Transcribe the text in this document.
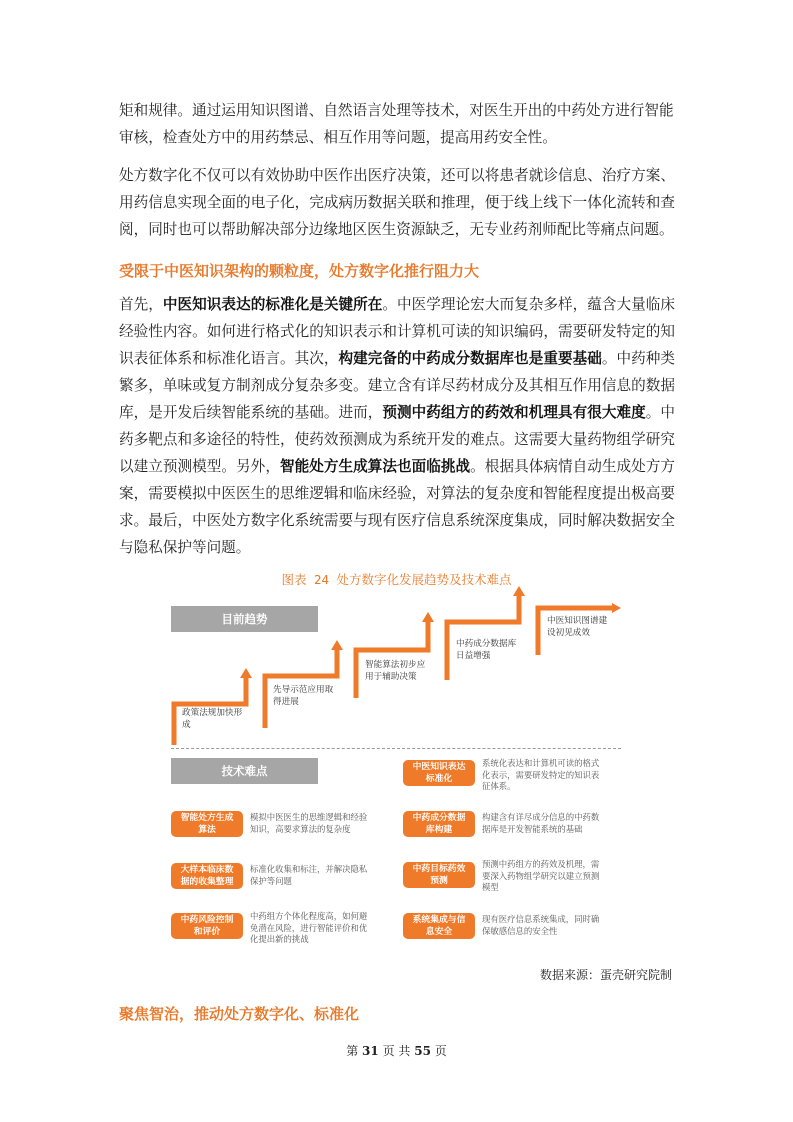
矩和规律。通过运用知识图谱、自然语言处理等技术，对医生开出的中药处方进行智能
审核，检查处方中的用药禁忌、相互作用等问题，提高用药安全性。

处方数字化不仅可以有效协助中医作出医疗决策，还可以将患者就诊信息、治疗方案、用药信息实现全面的电子化，完成病历数据关联和推理，便于线上线下一体化流转和查阅，同时也可以帮助解决部分边缘地区医生资源缺乏，无专业药剂师配比等痛点问题。

受限于中医知识架构的颗粒度，处方数字化推行阻力大

首先，中医知识表达的标准化是关键所在。中医学理论宏大而复杂多样，蕴含大量临床经验性内容。如何进行格式化的知识表示和计算机可读的知识编码，需要研发特定的知识表征体系和标准化语言。其次，构建完备的中药成分数据库也是重要基础。中药种类繁多，单味或复方制剂成分复杂多变。建立含有详尽药材成分及其相互作用信息的数据库，是开发后续智能系统的基础。进而，预测中药组方的药效和机理具有很大难度。中药多靶点和多途径的特性，使药效预测成为系统开发的难点。这需要大量药物组学研究以建立预测模型。另外，智能处方生成算法也面临挑战。根据具体病情自动生成处方方案，需要模拟中医医生的思维逻辑和临床经验，对算法的复杂度和智能程度提出极高要求。最后，中医处方数字化系统需要与现有医疗信息系统深度集成，同时解决数据安全与隐私保护等问题。

图表 24 处方数字化发展趋势及技术难点
目前趋势
政策法规加快形
成
先导示范应用取
得进展
智能算法初步应
用于辅助决策
中药成分数据库
日益增强
中医知识图谱建
设初见成效
技术难点
智能处方生成
算法
模拟中医医生的思维逻辑和经验
知识，高要求算法的复杂度
大样本临床数
据的收集整理
标准化收集和标注，并解决隐私
保护等问题
中药风险控制
和评价
中药组方个体化程度高，如何避
免潜在风险，进行智能评价和优
化提出新的挑战
中医知识表达
标准化
系统化表达和计算机可读的格式
化表示，需要研发特定的知识表
征体系。
中药成分数据
库构建
构建含有详尽成分信息的中药数
据库是开发智能系统的基础
中药目标药效
预测
预测中药组方的药效及机理，需
要深入药物组学研究以建立预测
模型
系统集成与信
息安全
现有医疗信息系统集成，同时确
保敏感信息的安全性
数据来源：蛋壳研究院制

聚焦智治，推动处方数字化、标准化

第 31 页 共 55 页
